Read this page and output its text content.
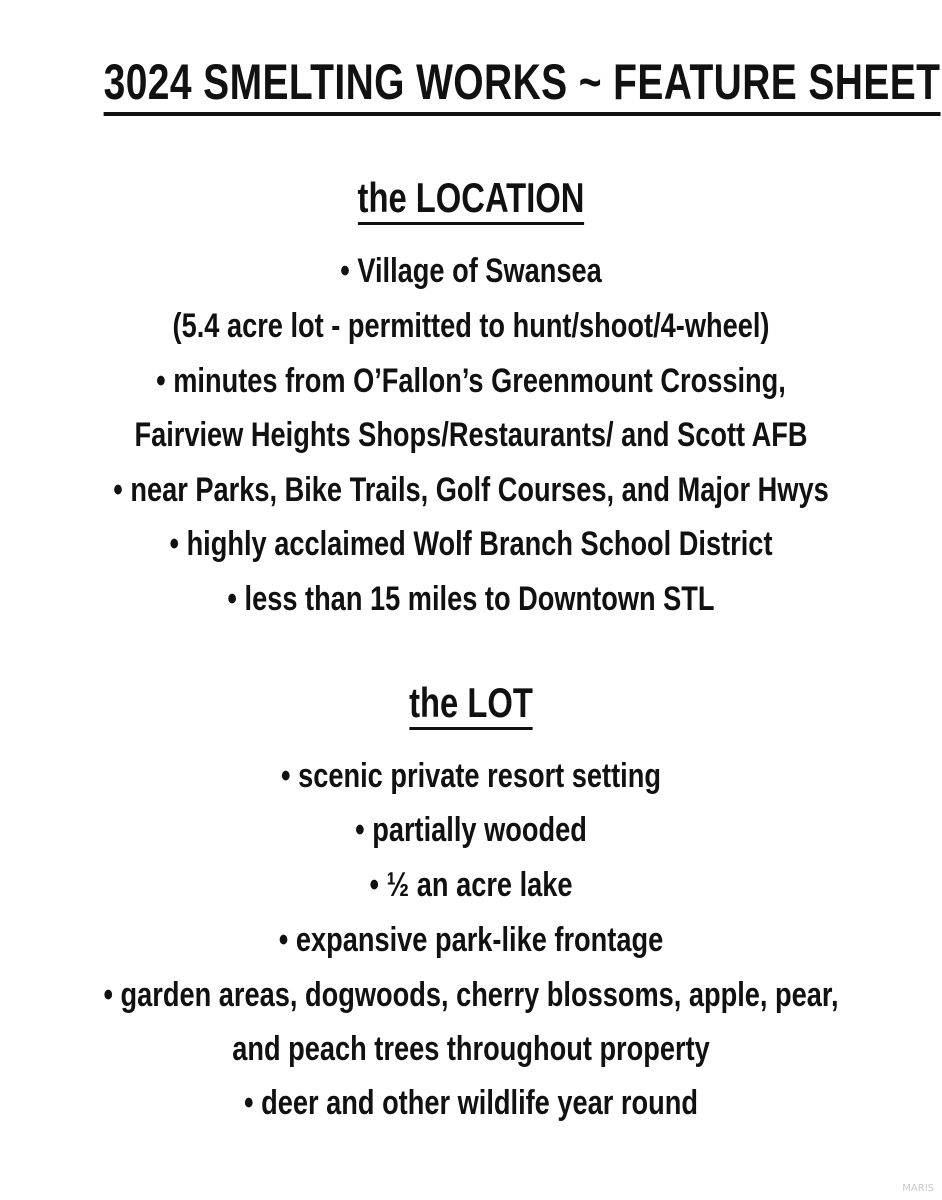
3024 SMELTING WORKS ~ FEATURE SHEET
the LOCATION
• Village of Swansea
(5.4 acre lot - permitted to hunt/shoot/4-wheel)
• minutes from O’Fallon’s Greenmount Crossing,
Fairview Heights Shops/Restaurants/ and Scott AFB
• near Parks, Bike Trails, Golf Courses, and Major Hwys
• highly acclaimed Wolf Branch School District
• less than 15 miles to Downtown STL
the LOT
• scenic private resort setting
• partially wooded
• ½ an acre lake
• expansive park-like frontage
• garden areas, dogwoods, cherry blossoms, apple, pear,
and peach trees throughout property
• deer and other wildlife year round
MARIS
